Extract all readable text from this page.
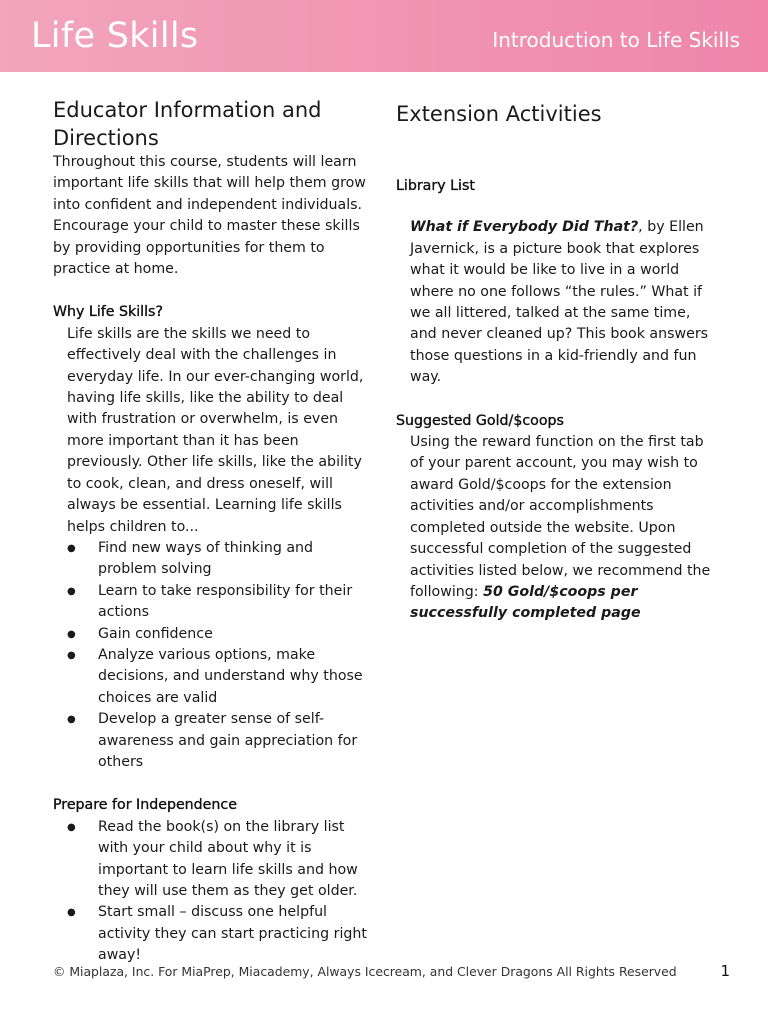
Life Skills	Introduction to Life Skills
Educator Information and Directions

Throughout this course, students will learn important life skills that will help them grow into confident and independent individuals. Encourage your child to master these skills by providing opportunities for them to practice at home.

Why Life Skills?

Life skills are the skills we need to effectively deal with the challenges in everyday life. In our ever-changing world, having life skills, like the ability to deal with frustration or overwhelm, is even more important than it has been previously. Other life skills, like the ability to cook, clean, and dress oneself, will always be essential. Learning life skills helps children to...

● Find new ways of thinking and problem solving
● Learn to take responsibility for their actions
● Gain confidence
● Analyze various options, make decisions, and understand why those choices are valid
● Develop a greater sense of self-awareness and gain appreciation for others

Prepare for Independence

● Read the book(s) on the library list with your child about why it is important to learn life skills and how they will use them as they get older.
● Start small – discuss one helpful activity they can start practicing right away!
Extension Activities

Library List

What if Everybody Did That?, by Ellen Javernick, is a picture book that explores what it would be like to live in a world where no one follows “the rules.” What if we all littered, talked at the same time, and never cleaned up? This book answers those questions in a kid-friendly and fun way.

Suggested Gold/$coops

Using the reward function on the first tab of your parent account, you may wish to award Gold/$coops for the extension activities and/or accomplishments completed outside the website. Upon successful completion of the suggested activities listed below, we recommend the following: 50 Gold/$coops per successfully completed page

© Miaplaza, Inc. For MiaPrep, Miacademy, Always Icecream, and Clever Dragons All Rights Reserved	1
